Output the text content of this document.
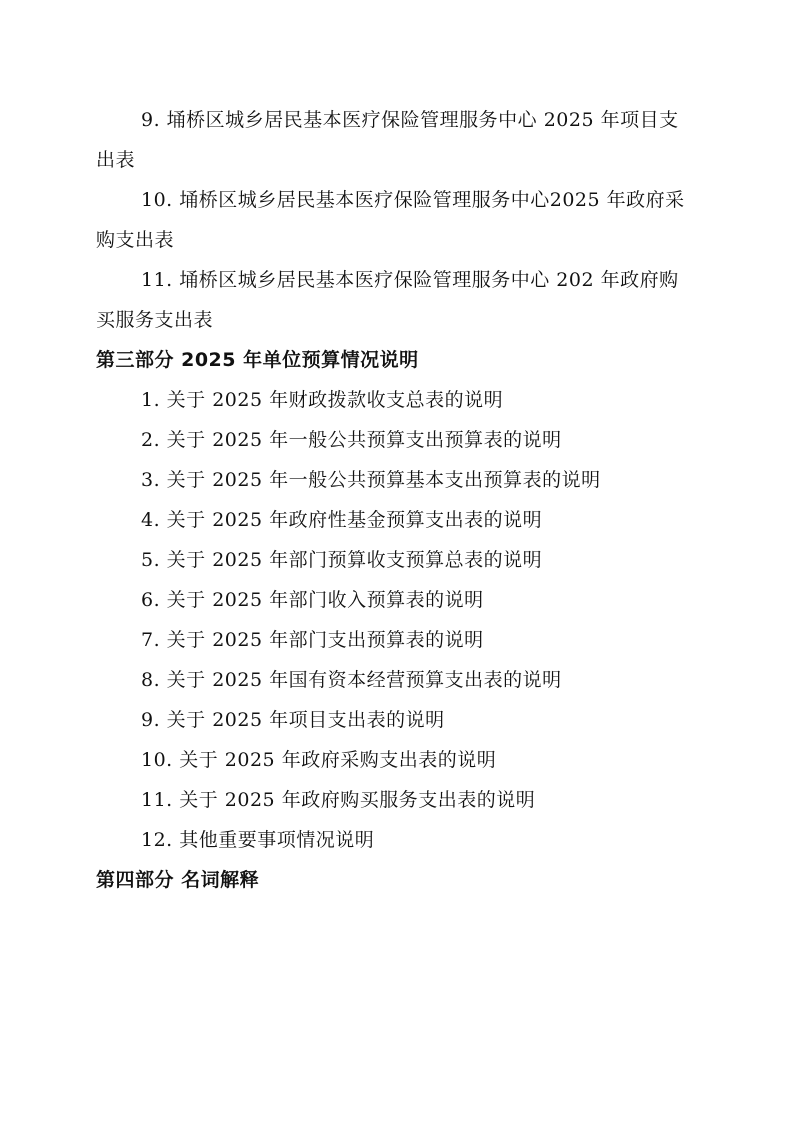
9. 埇桥区城乡居民基本医疗保险管理服务中心 2025 年项目支
出表
10. 埇桥区城乡居民基本医疗保险管理服务中心2025 年政府采
购支出表
11. 埇桥区城乡居民基本医疗保险管理服务中心 202 年政府购
买服务支出表
第三部分 2025 年单位预算情况说明
1. 关于 2025 年财政拨款收支总表的说明
2. 关于 2025 年一般公共预算支出预算表的说明
3. 关于 2025 年一般公共预算基本支出预算表的说明
4. 关于 2025 年政府性基金预算支出表的说明
5. 关于 2025 年部门预算收支预算总表的说明
6. 关于 2025 年部门收入预算表的说明
7. 关于 2025 年部门支出预算表的说明
8. 关于 2025 年国有资本经营预算支出表的说明
9. 关于 2025 年项目支出表的说明
10. 关于 2025 年政府采购支出表的说明
11. 关于 2025 年政府购买服务支出表的说明
12. 其他重要事项情况说明
第四部分 名词解释
